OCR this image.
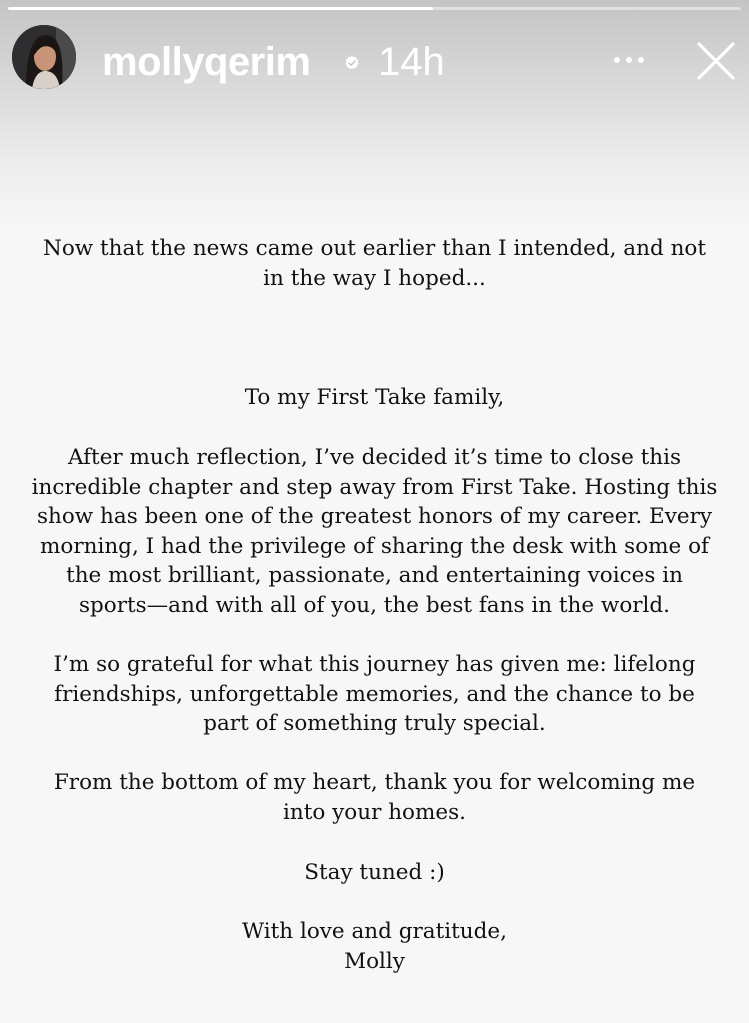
mollyqerim 14h

Now that the news came out earlier than I intended, and not
in the way I hoped...

To my First Take family,

After much reflection, I’ve decided it’s time to close this
incredible chapter and step away from First Take. Hosting this
show has been one of the greatest honors of my career. Every
morning, I had the privilege of sharing the desk with some of
the most brilliant, passionate, and entertaining voices in
sports—and with all of you, the best fans in the world.

I’m so grateful for what this journey has given me: lifelong
friendships, unforgettable memories, and the chance to be
part of something truly special.

From the bottom of my heart, thank you for welcoming me
into your homes.

Stay tuned :)

With love and gratitude,
Molly
